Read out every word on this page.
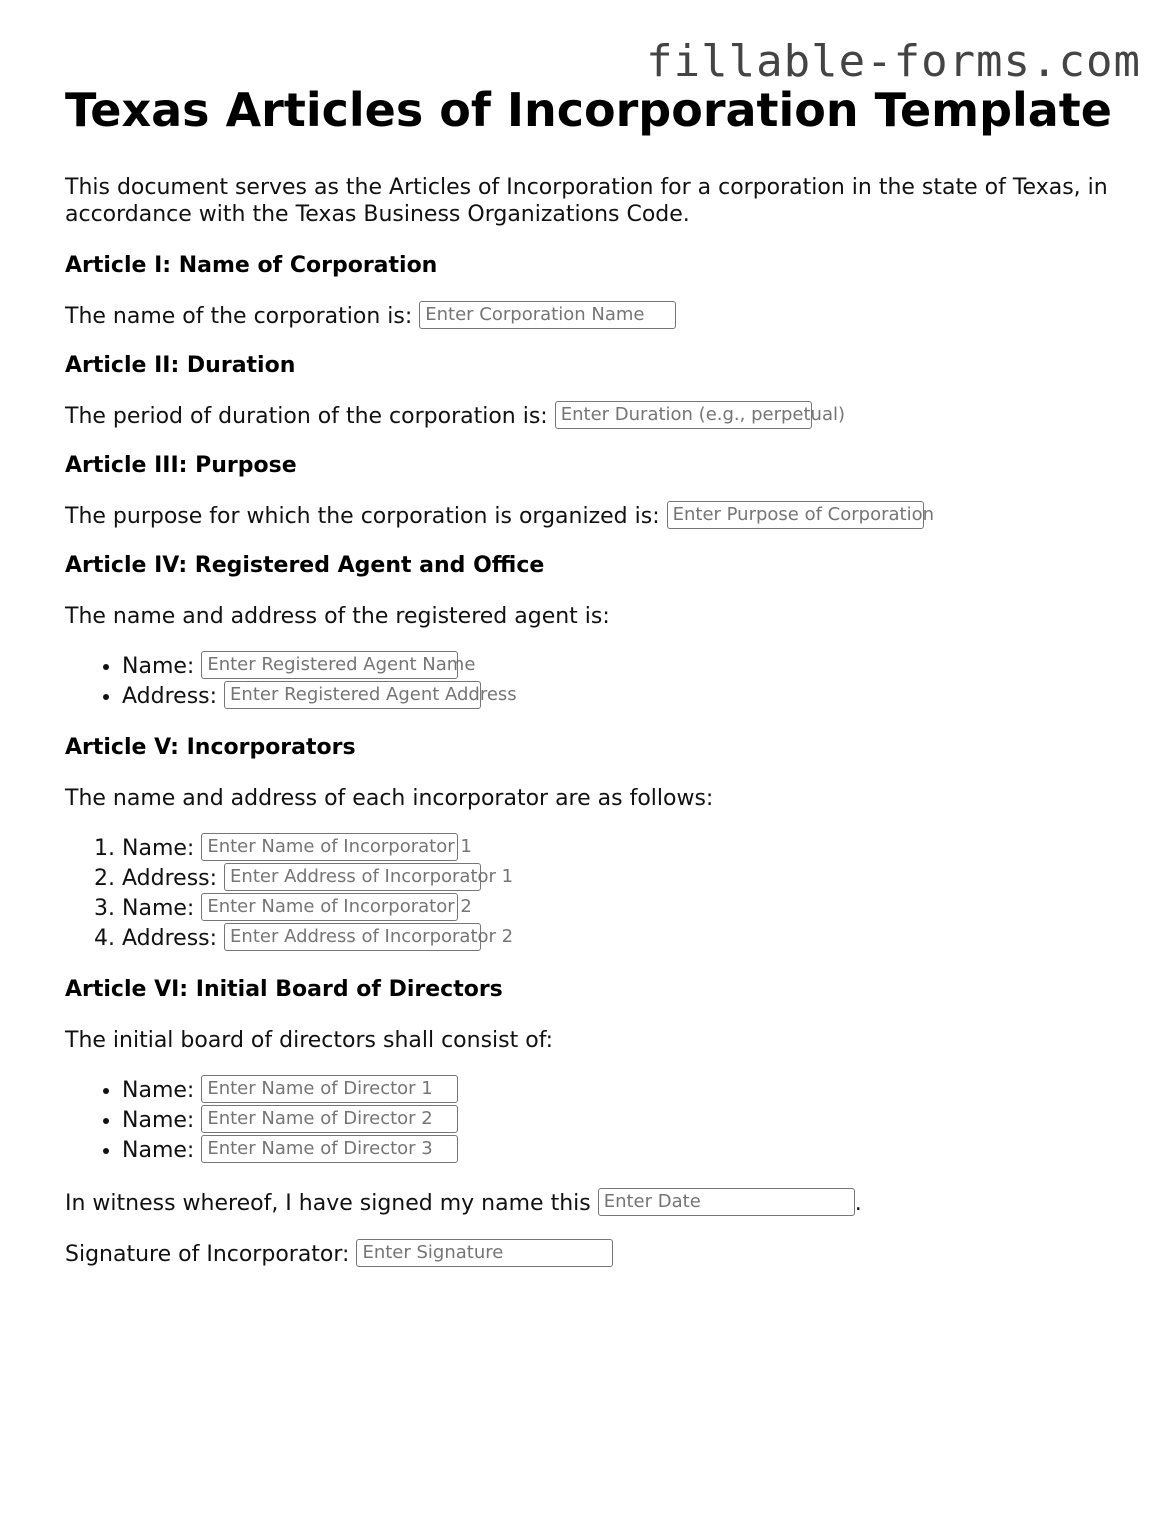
fillable-forms.com
Texas Articles of Incorporation Template

This document serves as the Articles of Incorporation for a corporation in the state of Texas, in accordance with the Texas Business Organizations Code.

Article I: Name of Corporation

The name of the corporation is: Enter Corporation Name

Article II: Duration

The period of duration of the corporation is: Enter Duration (e.g., perpetual)

Article III: Purpose

The purpose for which the corporation is organized is: Enter Purpose of Corporation

Article IV: Registered Agent and Office

The name and address of the registered agent is:

• Name: Enter Registered Agent Name
• Address: Enter Registered Agent Address
Article V: Incorporators

The name and address of each incorporator are as follows:

1. Name: Enter Name of Incorporator 1
2. Address: Enter Address of Incorporator 1
3. Name: Enter Name of Incorporator 2
4. Address: Enter Address of Incorporator 2
Article VI: Initial Board of Directors

The initial board of directors shall consist of:

• Name: Enter Name of Director 1
• Name: Enter Name of Director 2
• Name: Enter Name of Director 3

In witness whereof, I have signed my name this Enter Date	.

Signature of Incorporator: Enter Signature
